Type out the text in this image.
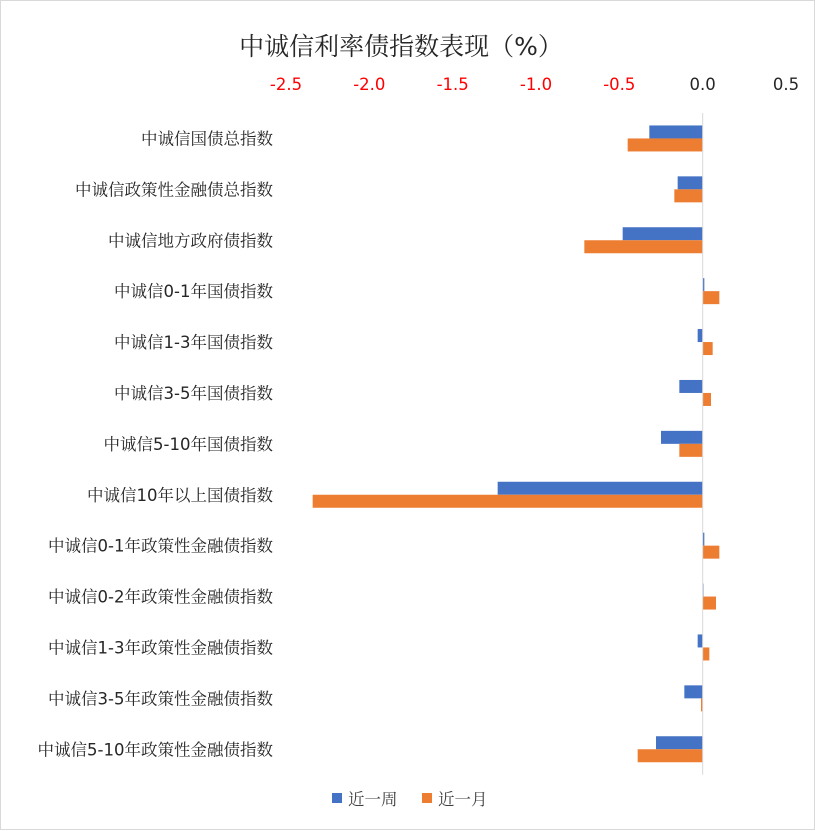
中诚信利率债指数表现（%）
-2.5	-2.0	-1.5	-1.0	-0.5	0.0	0.5
中诚信国债总指数
中诚信政策性金融债总指数
中诚信地方政府债指数
中诚信0-1年国债指数
中诚信1-3年国债指数
中诚信3-5年国债指数
中诚信5-10年国债指数
中诚信10年以上国债指数
中诚信0-1年政策性金融债指数
中诚信0-2年政策性金融债指数
中诚信1-3年政策性金融债指数
中诚信3-5年政策性金融债指数
中诚信5-10年政策性金融债指数
近一周 近一月
